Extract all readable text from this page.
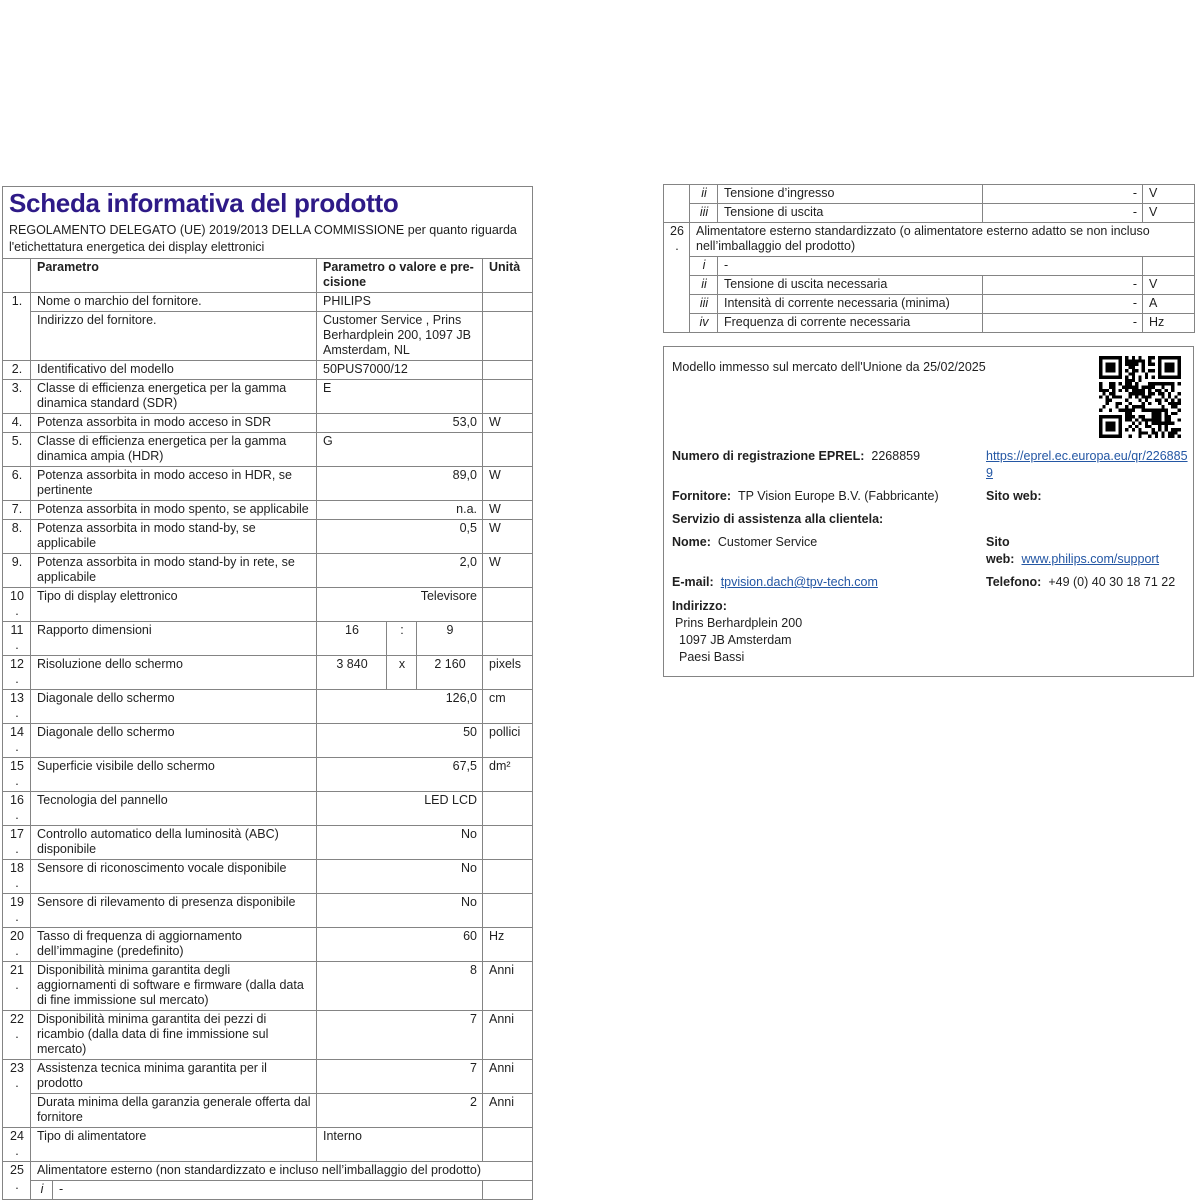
Scheda informativa del prodotto
REGOLAMENTO DELEGATO (UE) 2019/2013 DELLA COMMISSIONE per quanto riguarda l'etichettatura energetica dei display elettronici

	Parametro		Parametro o valore e precisione			Unità
1.	Nome o marchio del fornitore.		PHILIPS			
	Indirizzo del fornitore.		Customer Service , Prins Berhardplein 200, 1097 JB Amsterdam, NL			
2.	Identificativo del modello		50PUS7000/12			
3.	Classe di efficienza energetica per la gamma dinamica standard (SDR)		E			
4.	Potenza assorbita in modo acceso in SDR		53,0			W
5.	Classe di efficienza energetica per la gamma dinamica ampia (HDR)		G			
6.	Potenza assorbita in modo acceso in HDR, se pertinente		89,0			W
7.	Potenza assorbita in modo spento, se applicabile		n.a.			W
8.	Potenza assorbita in modo stand-by, se applicabile		0,5			W
9.	Potenza assorbita in modo stand-by in rete, se applicabile		2,0			W
10.	Tipo di display elettronico		Televisore			
11.	Rapporto dimensioni		16	:	9	
12.	Risoluzione dello schermo		3 840	x	2 160	pixels
13.	Diagonale dello schermo		126,0			cm
14.	Diagonale dello schermo		50			pollici
15.	Superficie visibile dello schermo		67,5			dm²
16.	Tecnologia del pannello		LED LCD			
17.	Controllo automatico della luminosità (ABC) disponibile		No			
18.	Sensore di riconoscimento vocale disponibile		No			
19.	Sensore di rilevamento di presenza disponibile		No			
20.	Tasso di frequenza di aggiornamento dell’immagine (predefinito)		60			Hz
21.	Disponibilità minima garantita degli aggiornamenti di software e firmware (dalla data di fine immissione sul mercato)		8			Anni
22.	Disponibilità minima garantita dei pezzi di ricambio (dalla data di fine immissione sul mercato)		7			Anni
23.	Assistenza tecnica minima garantita per il prodotto		7			Anni
	Durata minima della garanzia generale offerta dal fornitore		2			Anni
24.	Tipo di alimentatore		Interno			
25.	Alimentatore esterno (non standardizzato e incluso nell’imballaggio del prodotto)					
	i	-				
	ii	Tensione d’ingresso	-	V
	iii	Tensione di uscita	-	V
26.	Alimentatore esterno standardizzato (o alimentatore esterno adatto se non incluso nell’imballaggio del prodotto)			
	i	-		
	ii	Tensione di uscita necessaria	-	V
	iii	Intensità di corrente necessaria (minima)	-	A
	iv	Frequenza di corrente necessaria	-	Hz
Modello immesso sul mercato dell'Unione da 25/02/2025
Numero di registrazione EPREL: 2268859	https://eprel.ec.europa.eu/qr/2268859
Fornitore: TP Vision Europe B.V. (Fabbricante)	Sito web:
Servizio di assistenza alla clientela:
Nome: Customer Service	Sito web: www.philips.com/support
E-mail: tpvision.dach@tpv-tech.com	Telefono: +49 (0) 40 30 18 71 22
Indirizzo:
Prins Berhardplein 200
1097 JB Amsterdam
Paesi Bassi
